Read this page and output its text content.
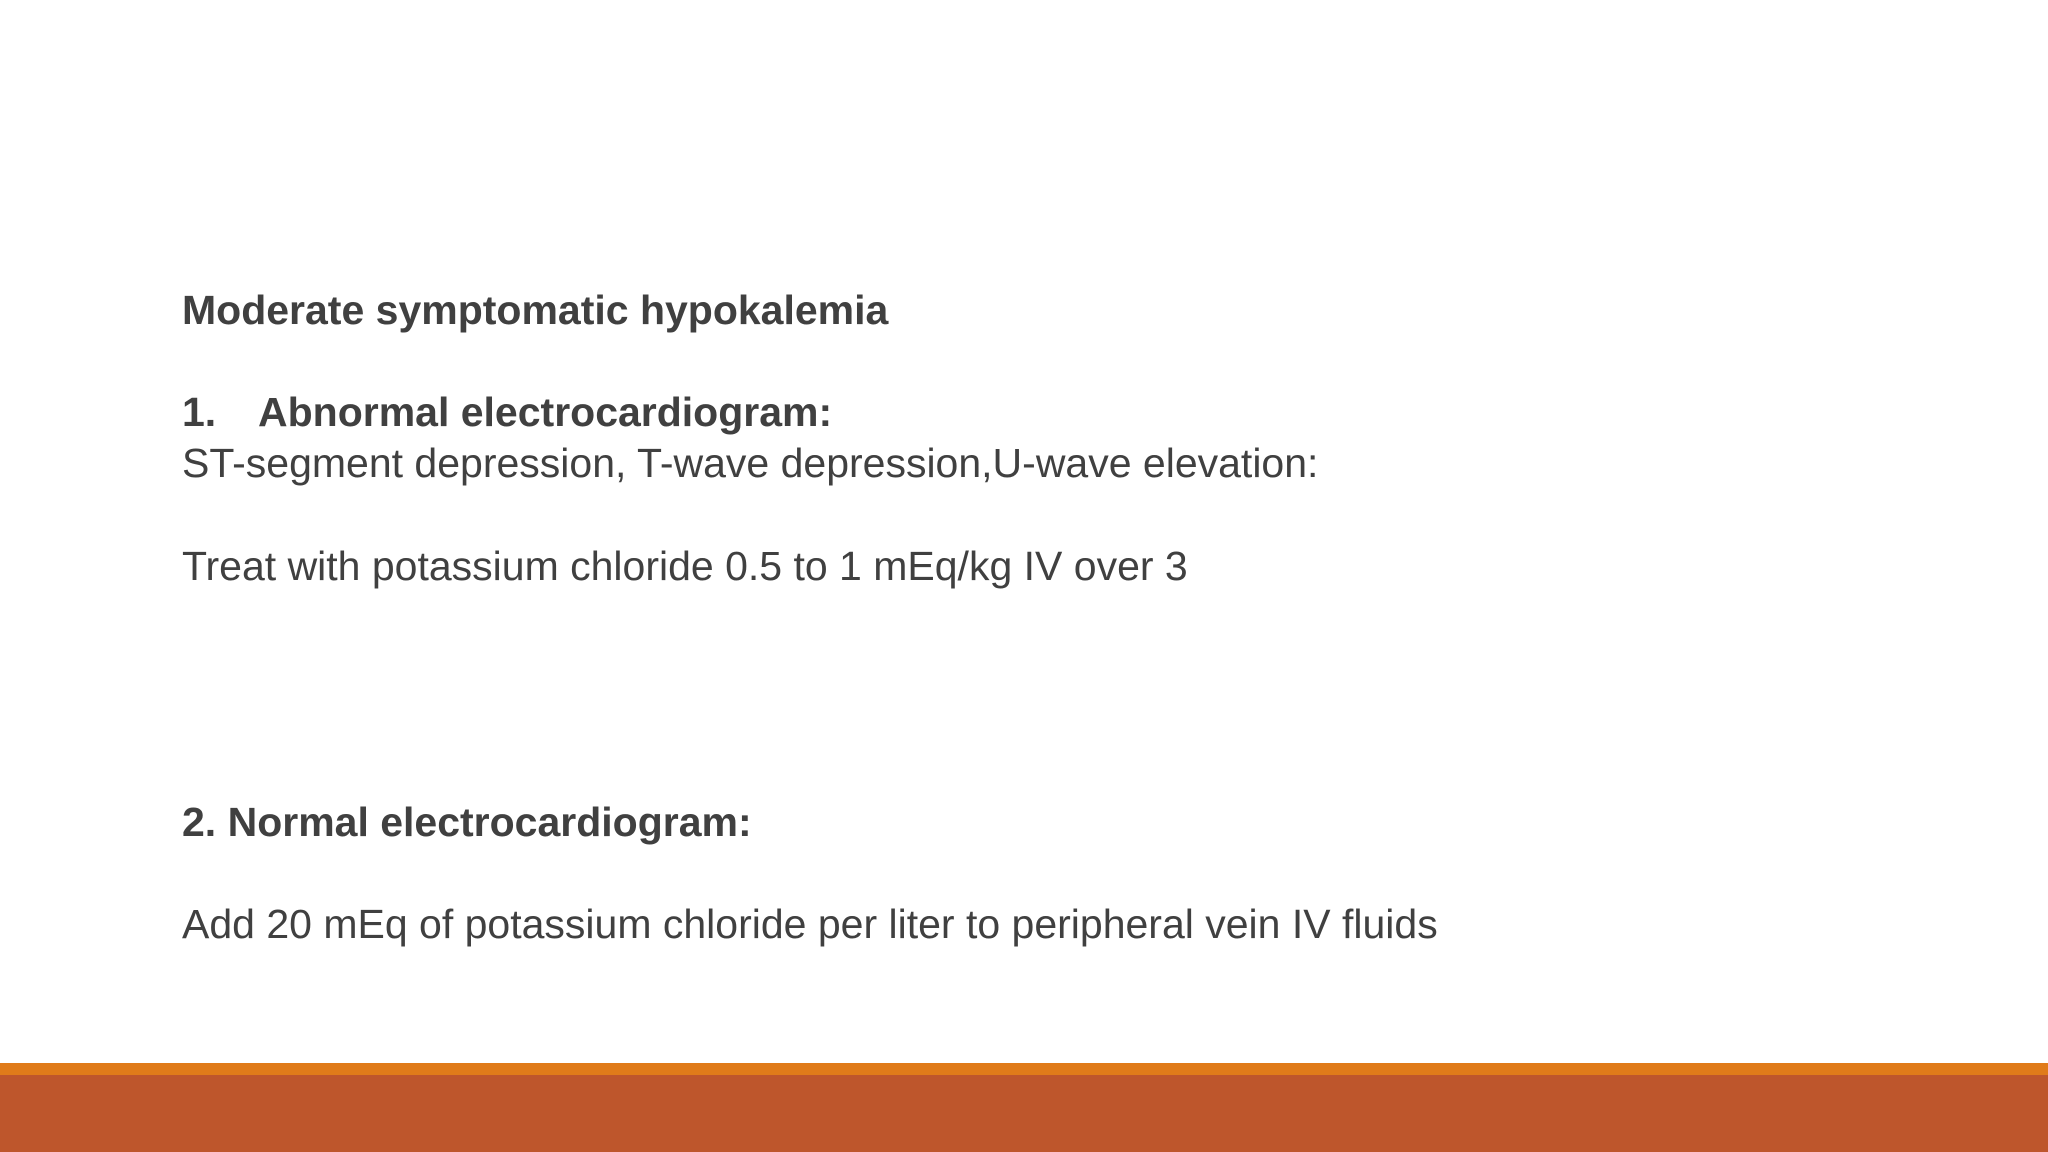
Moderate symptomatic hypokalemia
1. Abnormal electrocardiogram:
ST-segment depression, T-wave depression,U-wave elevation:
Treat with potassium chloride 0.5 to 1 mEq/kg IV over 3
2. Normal electrocardiogram:
Add 20 mEq of potassium chloride per liter to peripheral vein IV fluids
